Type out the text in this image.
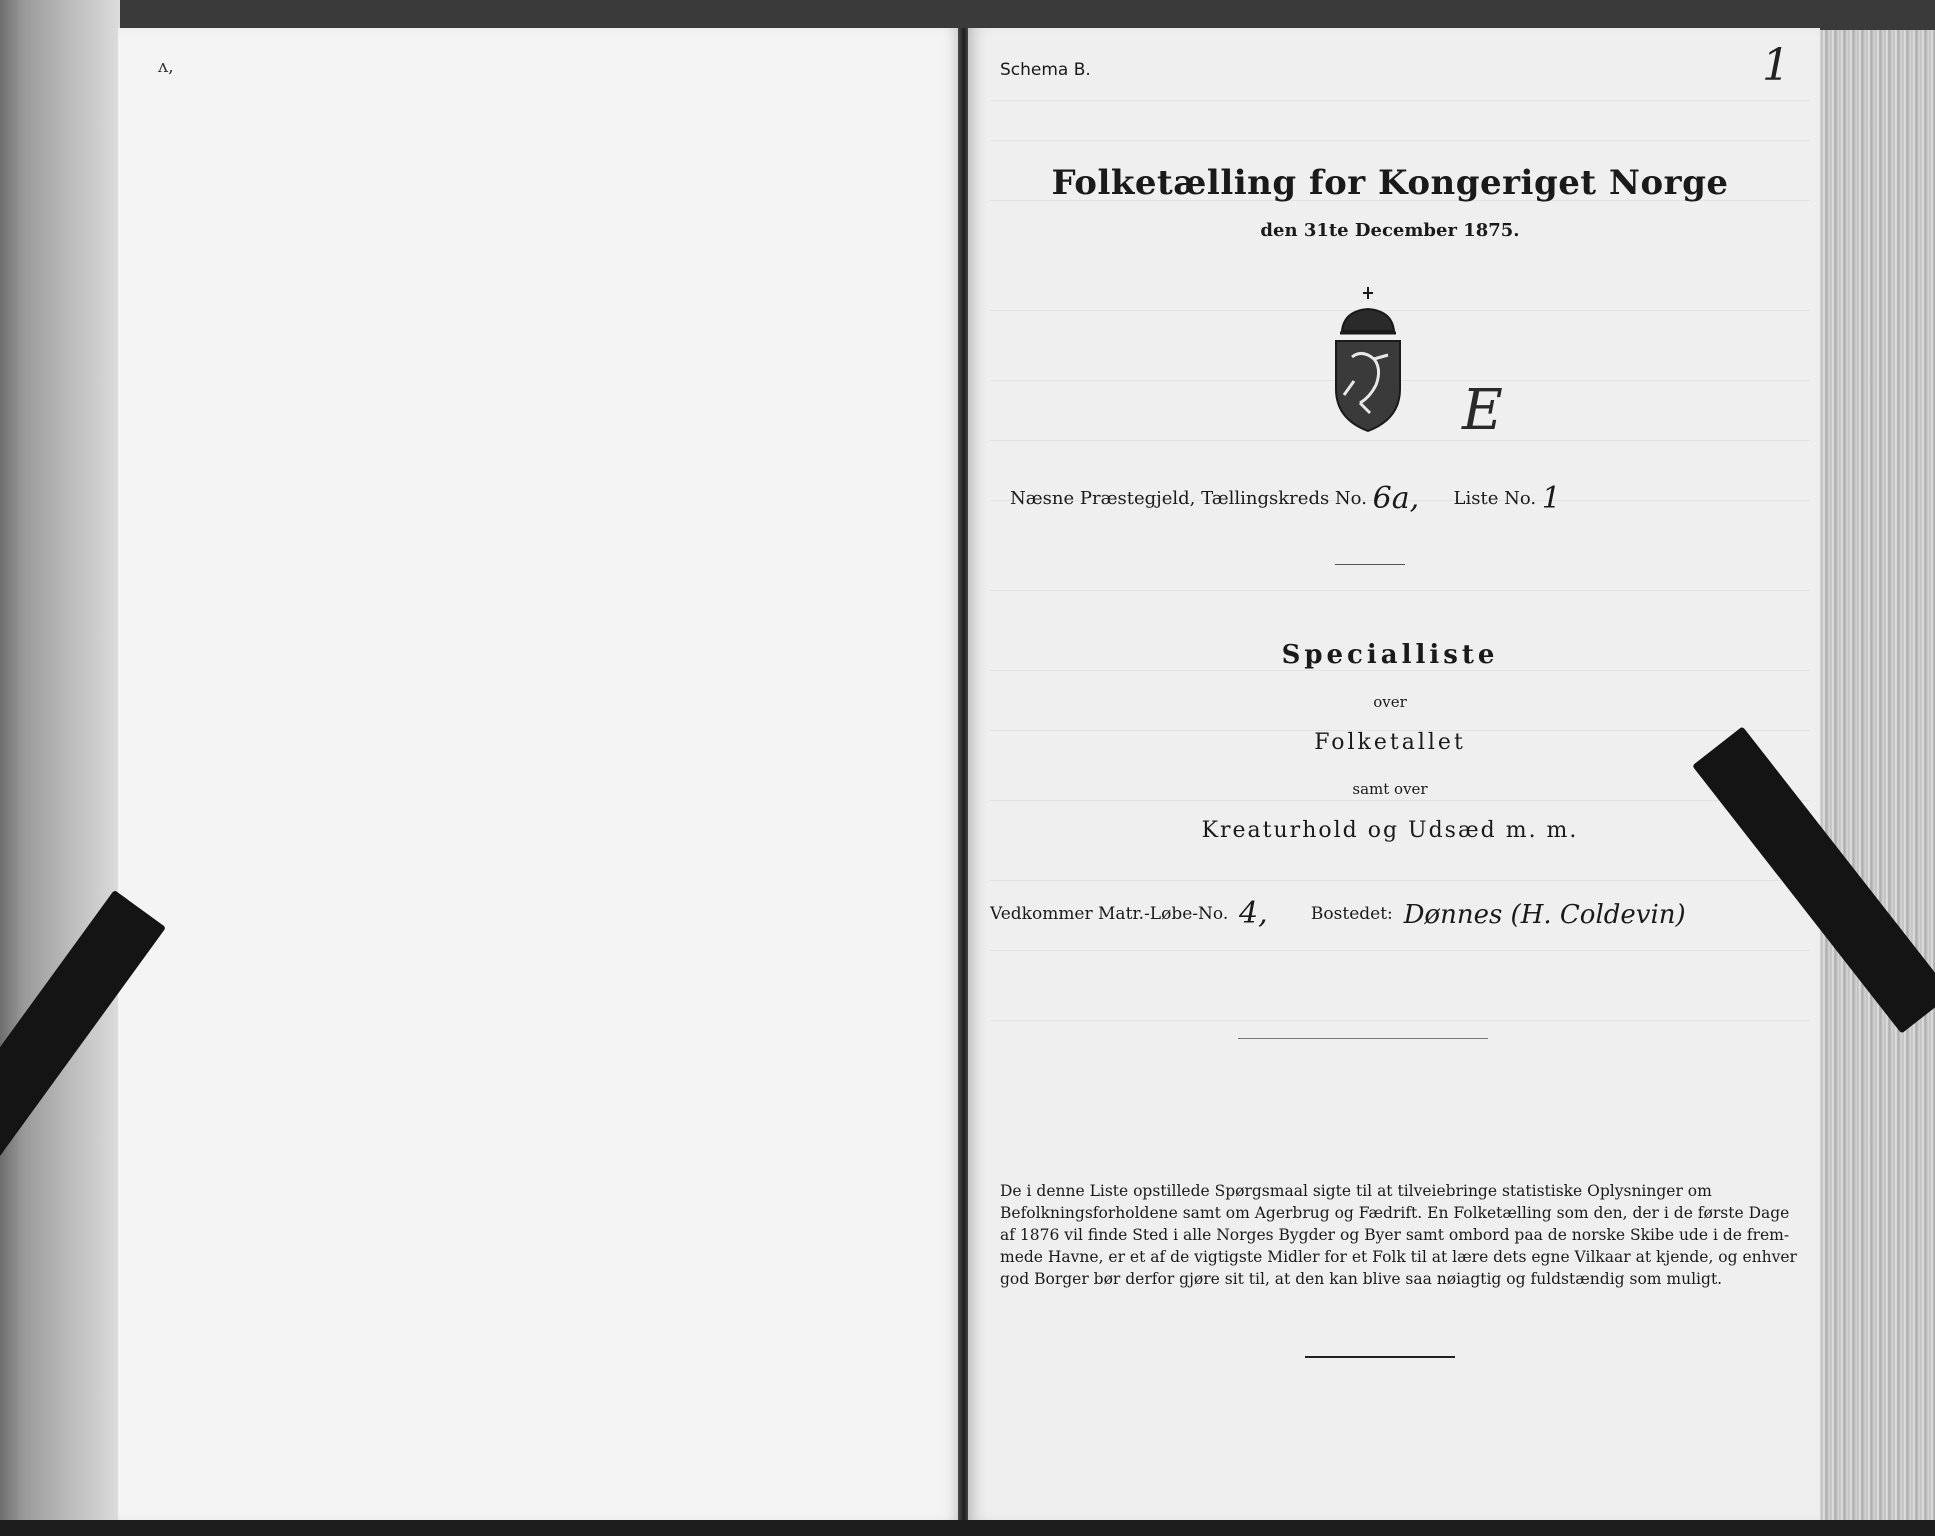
ʌ,	Schema B.	1
Folketælling for Kongeriget Norge
den 31te December 1875.
E
Næsne Præstegjeld, Tællingskreds No. 6a, Liste No. 1
Specialliste
over
Folketallet
samt over
Kreaturhold og Udsæd m. m.
Vedkommer Matr.-Løbe-No. 4,	Bostedet: Dønnes (H. Coldevin)
De i denne Liste opstillede Spørgsmaal sigte til at tilveiebringe statistiske Oplysninger om
Befolkningsforholdene samt om Agerbrug og Fædrift. En Folketælling som den, der i de første Dage
af 1876 vil finde Sted i alle Norges Bygder og Byer samt ombord paa de norske Skibe ude i de frem-
mede Havne, er et af de vigtigste Midler for et Folk til at lære dets egne Vilkaar at kjende, og enhver
god Borger bør derfor gjøre sit til, at den kan blive saa nøiagtig og fuldstændig som muligt.
